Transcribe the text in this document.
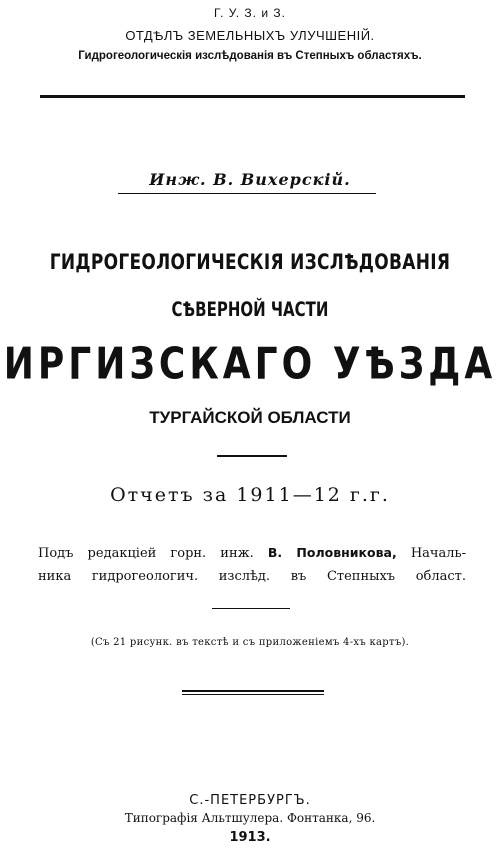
Г. У. З. и З.
ОТДѢЛЪ ЗЕМЕЛЬНЫХЪ УЛУЧШЕНІЙ.
Гидрогеологическія изслѣдованія въ Степныхъ областяхъ.
Инж. В. Вихерскій.
ГИДРОГЕОЛОГИЧЕСКІЯ ИЗСЛѢДОВАНІЯ
СѢВЕРНОЙ ЧАСТИ
ИРГИЗСКАГО УѢЗДА
ТУРГАЙСКОЙ ОБЛАСТИ
Отчетъ за 1911—12 г.г.
Подъ редакціей горн. инж. В. Половникова, Началь-
ника гидрогеологич. изслѣд. въ Степныхъ област.
(Съ 21 рисунк. въ текстѣ и съ приложеніемъ 4-хъ картъ).
С.-ПЕТЕРБУРГЪ.
Типографія Альтшулера. Фонтанка, 96.
1913.
